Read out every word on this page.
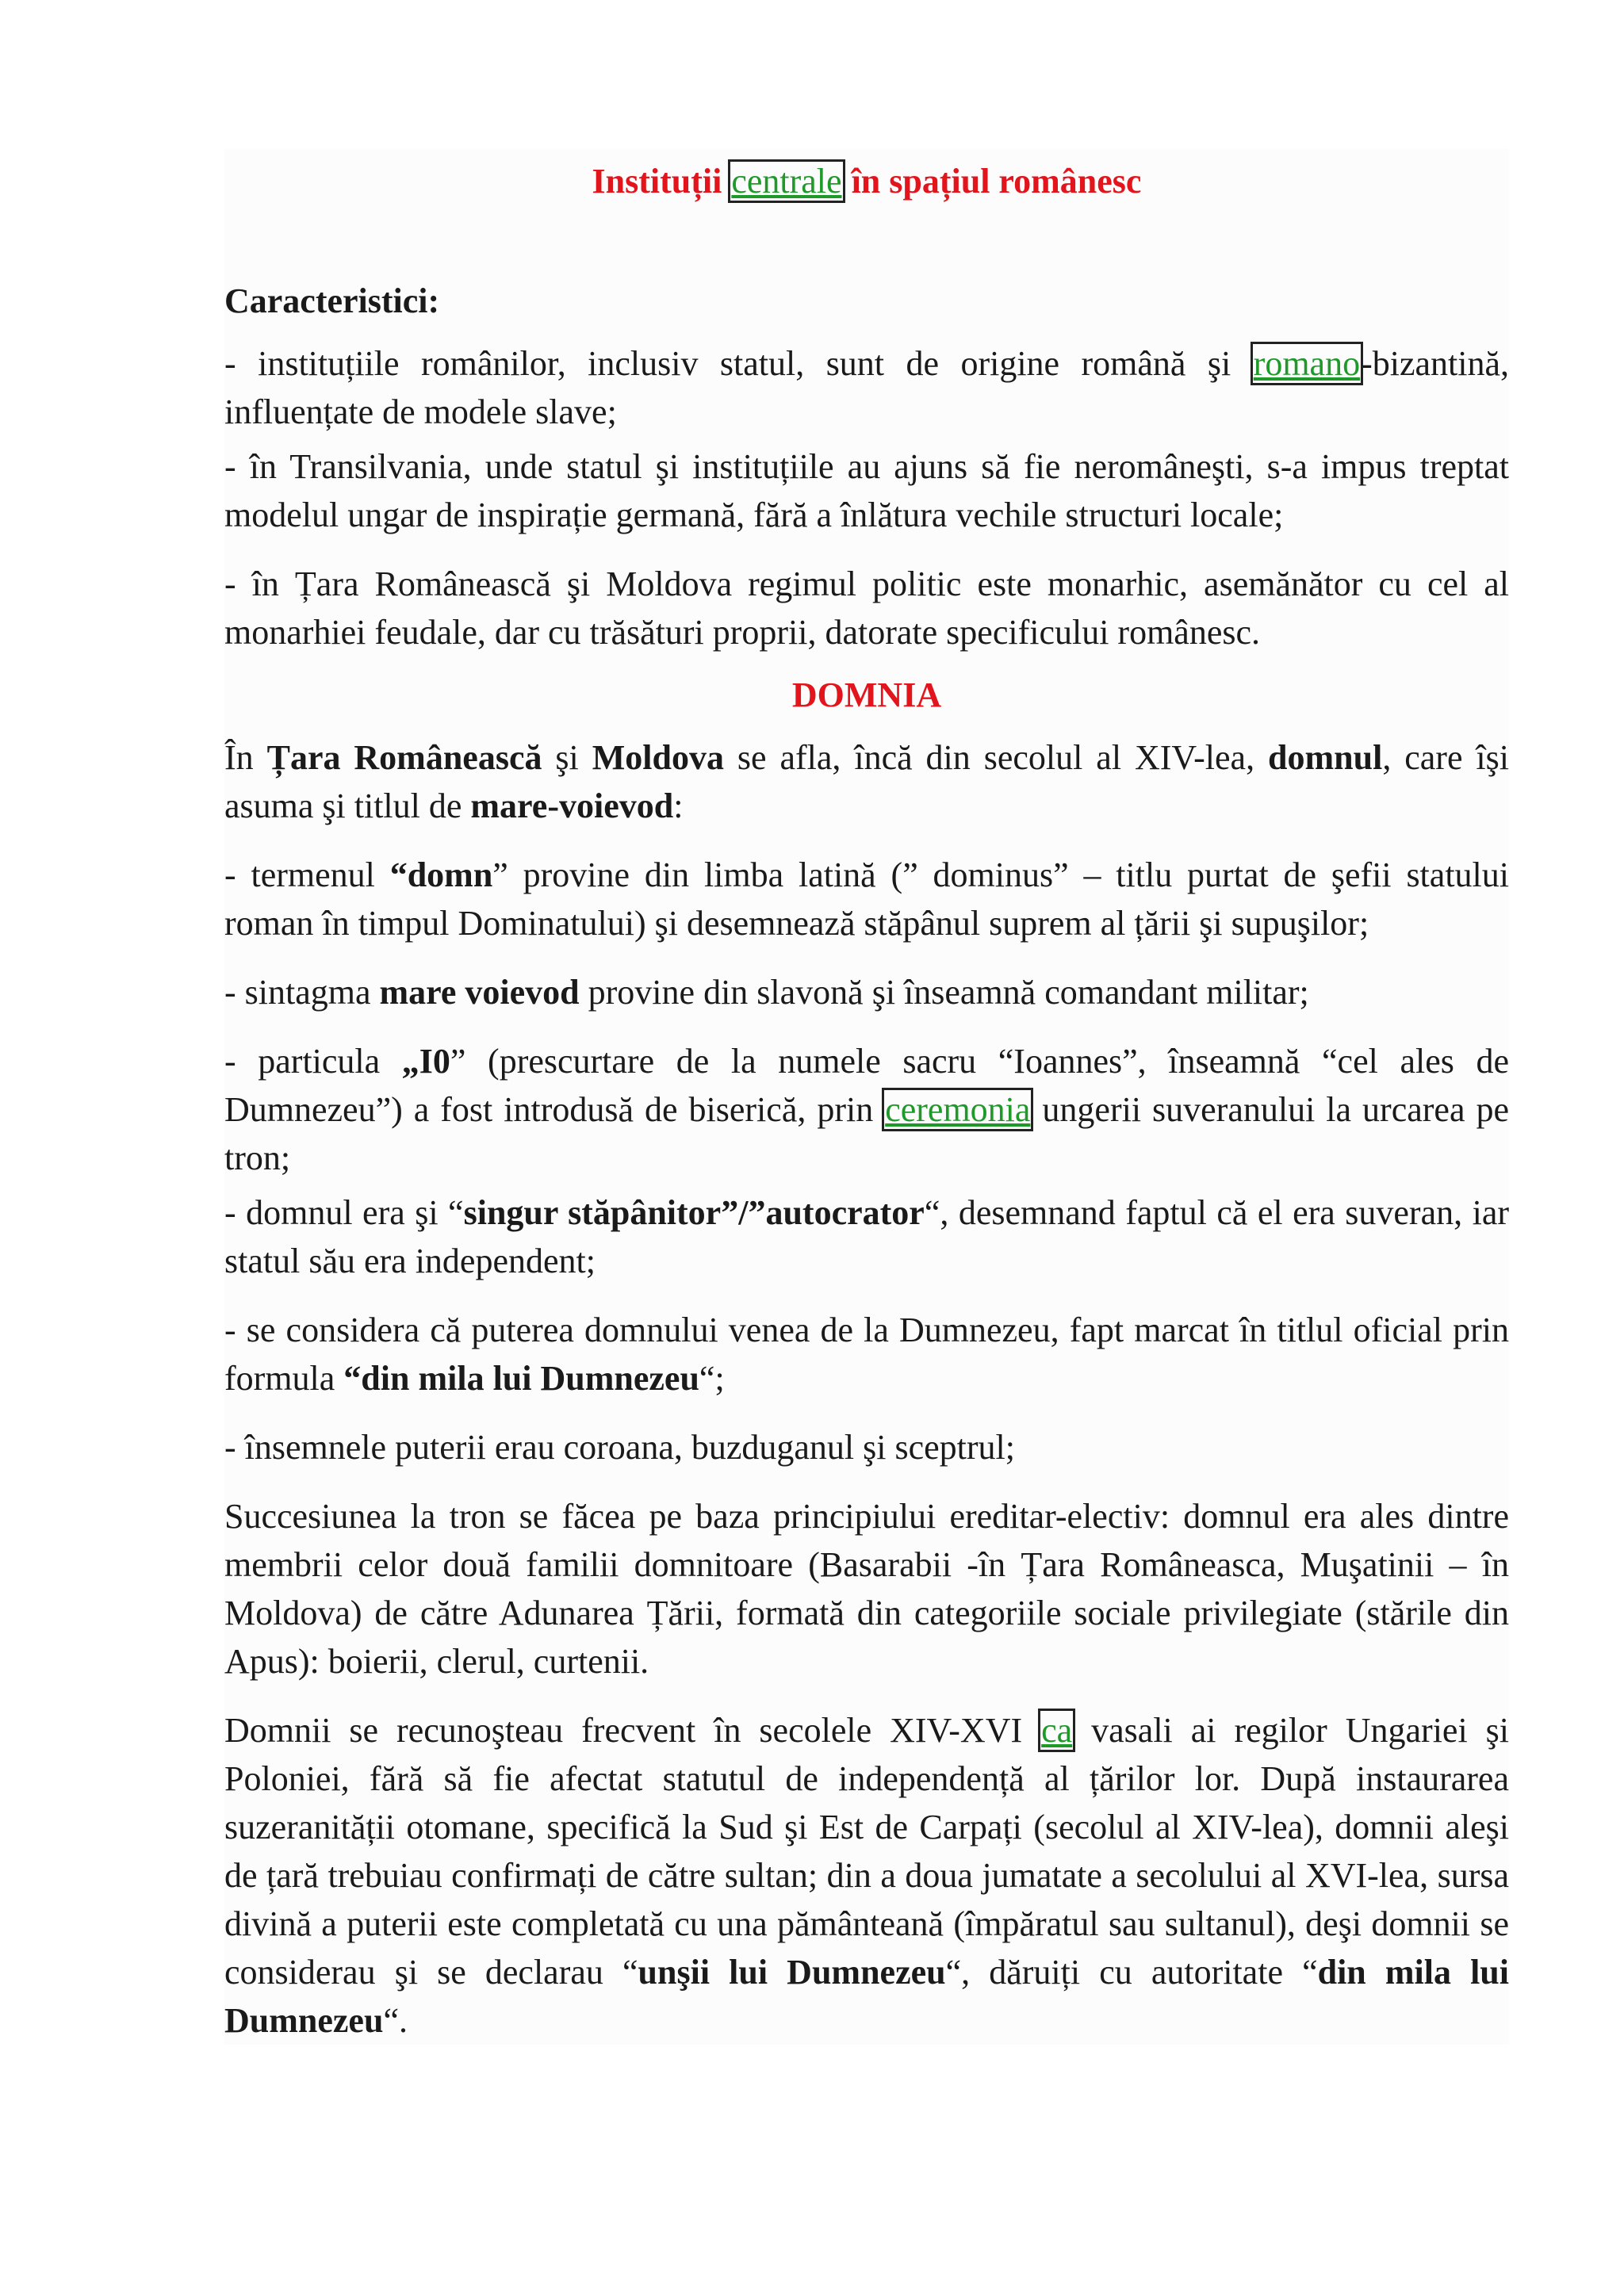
Instituții centrale în spațiul românesc

Caracteristici:

- instituțiile românilor, inclusiv statul, sunt de origine română şi romano-bizantină, influențate de modele slave;

- în Transilvania, unde statul şi instituțiile au ajuns să fie neromâneşti, s-a impus treptat modelul ungar de inspirație germană, fără a înlătura vechile structuri locale;

- în Țara Românească şi Moldova regimul politic este monarhic, asemănător cu cel al monarhiei feudale, dar cu trăsături proprii, datorate specificului românesc.

DOMNIA

În Țara Românească şi Moldova se afla, încă din secolul al XIV-lea, domnul, care îşi asuma şi titlul de mare-voievod:

- termenul “domn” provine din limba latină (” dominus” – titlu purtat de şefii statului roman în timpul Dominatului) şi desemnează stăpânul suprem al țării şi supuşilor;

- sintagma mare voievod provine din slavonă şi înseamnă comandant militar;

- particula „I0” (prescurtare de la numele sacru “Ioannes”, înseamnă “cel ales de Dumnezeu”) a fost introdusă de biserică, prin ceremonia ungerii suveranului la urcarea pe tron;

- domnul era şi “singur stăpânitor”/”autocrator“, desemnand faptul că el era suveran, iar statul său era independent;

- se considera că puterea domnului venea de la Dumnezeu, fapt marcat în titlul oficial prin formula “din mila lui Dumnezeu“;

- însemnele puterii erau coroana, buzduganul şi sceptrul;

Succesiunea la tron se făcea pe baza principiului ereditar-electiv: domnul era ales dintre membrii celor două familii domnitoare (Basarabii -în Țara Româneasca, Muşatinii – în Moldova) de către Adunarea Țării, formată din categoriile sociale privilegiate (stările din Apus): boierii, clerul, curtenii.

Domnii se recunoşteau frecvent în secolele XIV-XVI ca vasali ai regilor Ungariei şi Poloniei, fără să fie afectat statutul de independență al țărilor lor. După instaurarea suzeranității otomane, specifică la Sud şi Est de Carpați (secolul al XIV-lea), domnii aleşi de țară trebuiau confirmați de către sultan; din a doua jumatate a secolului al XVI-lea, sursa divină a puterii este completată cu una pământeană (împăratul sau sultanul), deşi domnii se considerau şi se declarau “unşii lui Dumnezeu“, dăruiți cu autoritate “din mila lui Dumnezeu“.
